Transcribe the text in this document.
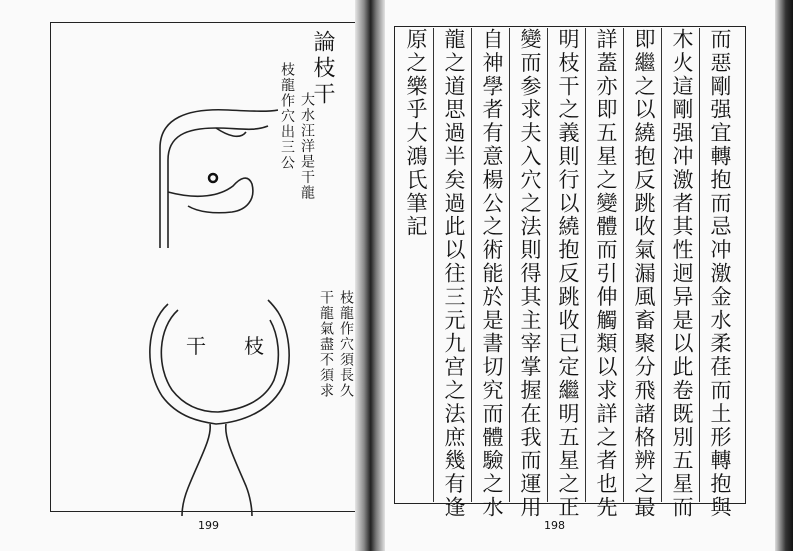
論枝干
大水汪洋是干龍
枝龍作穴出三公
枝龍作穴須長久
干龍氣盡不須求
干 枝
199
而惡剛强宜轉抱而忌冲激金水柔荏而土形轉抱與
木火這剛强冲激者其性迥异是以此卷既別五星而
即繼之以繞抱反跳收氣漏風畜聚分飛諸格辨之最
詳蓋亦即五星之變體而引伸觸類以求詳之者也先
明枝干之義則行以繞抱反跳收已定繼明五星之正
變而参求夫入穴之法則得其主宰掌握在我而運用
自神學者有意楊公之術能於是書切究而體驗之水
龍之道思過半矣過此以往三元九宫之法庶幾有逢
原之樂乎大鴻氏筆記
198
